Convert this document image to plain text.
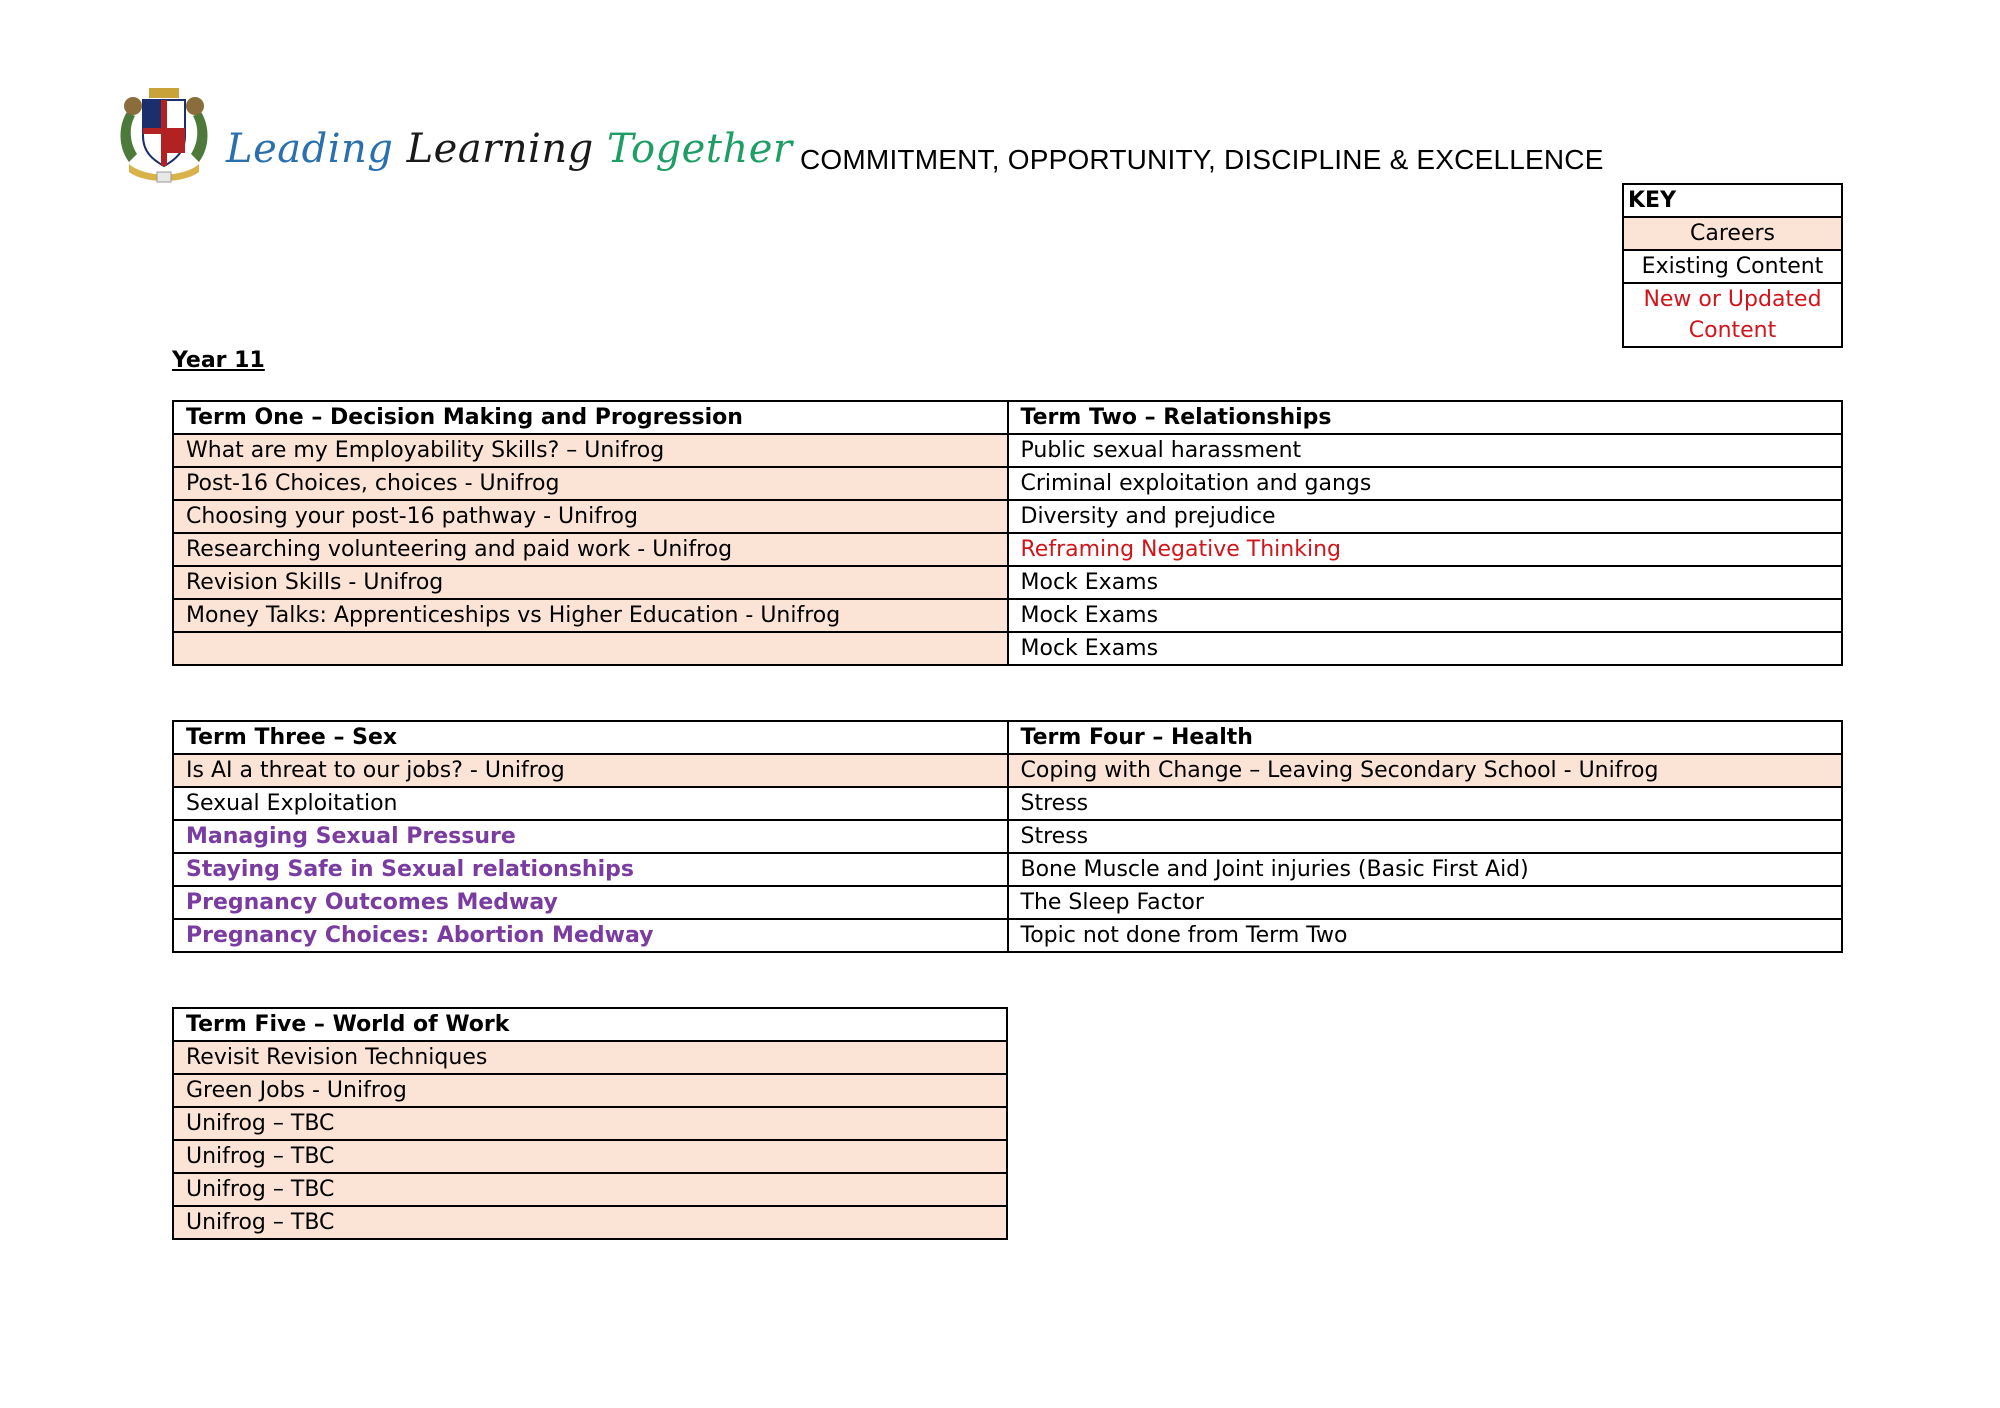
Leading Learning Together COMMITMENT, OPPORTUNITY, DISCIPLINE & EXCELLENCE
KEY
Careers
Existing Content
New or Updated Content
Year 11
Term One – Decision Making and Progression	Term Two – Relationships
What are my Employability Skills? – Unifrog	Public sexual harassment
Post-16 Choices, choices - Unifrog	Criminal exploitation and gangs
Choosing your post-16 pathway - Unifrog	Diversity and prejudice
Researching volunteering and paid work - Unifrog	Reframing Negative Thinking
Revision Skills - Unifrog	Mock Exams
Money Talks: Apprenticeships vs Higher Education - Unifrog	Mock Exams
	Mock Exams
Term Three – Sex	Term Four – Health
Is AI a threat to our jobs? - Unifrog	Coping with Change – Leaving Secondary School - Unifrog
Sexual Exploitation	Stress
Managing Sexual Pressure	Stress
Staying Safe in Sexual relationships	Bone Muscle and Joint injuries (Basic First Aid)
Pregnancy Outcomes Medway	The Sleep Factor
Pregnancy Choices: Abortion Medway	Topic not done from Term Two
Term Five – World of Work
Revisit Revision Techniques
Green Jobs - Unifrog
Unifrog – TBC
Unifrog – TBC
Unifrog – TBC
Unifrog – TBC
